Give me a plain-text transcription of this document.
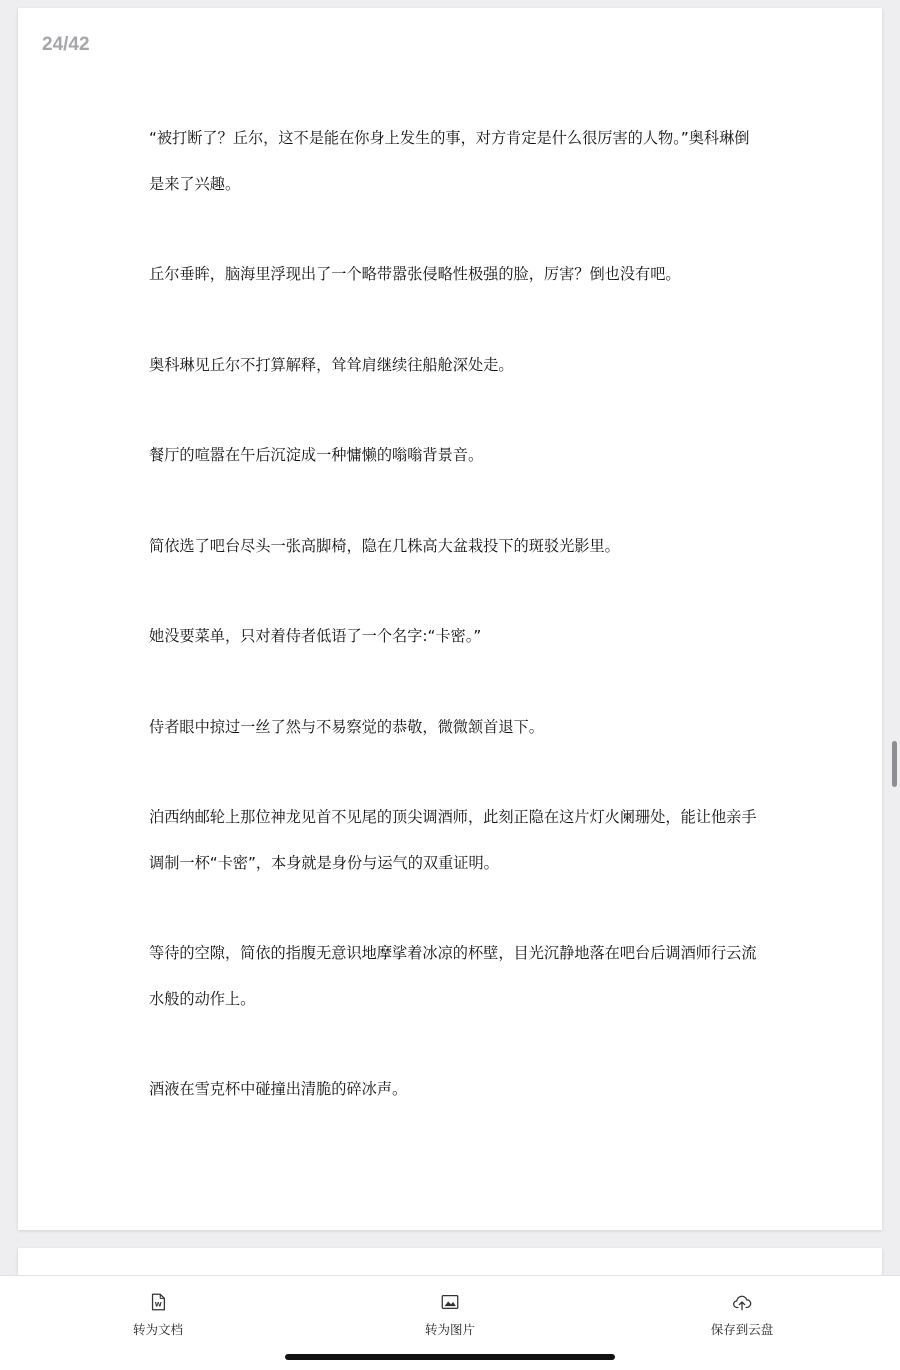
24/42

“被打断了？丘尔，这不是能在你身上发生的事，对方肯定是什么很厉害的人物。”奥科琳倒是来了兴趣。

丘尔垂眸，脑海里浮现出了一个略带嚣张侵略性极强的脸，厉害？倒也没有吧。

奥科琳见丘尔不打算解释，耸耸肩继续往船舱深处走。

餐厅的喧嚣在午后沉淀成一种慵懒的嗡嗡背景音。

简依选了吧台尽头一张高脚椅，隐在几株高大盆栽投下的斑驳光影里。

她没要菜单，只对着侍者低语了一个名字:“卡密。”

侍者眼中掠过一丝了然与不易察觉的恭敬，微微颔首退下。

泊西纳邮轮上那位神龙见首不见尾的顶尖调酒师，此刻正隐在这片灯火阑珊处，能让他亲手调制一杯“卡密”，本身就是身份与运气的双重证明。

等待的空隙，简依的指腹无意识地摩挲着冰凉的杯壁，目光沉静地落在吧台后调酒师行云流水般的动作上。

酒液在雪克杯中碰撞出清脆的碎冰声。

W
转为文档	转为图片	保存到云盘
